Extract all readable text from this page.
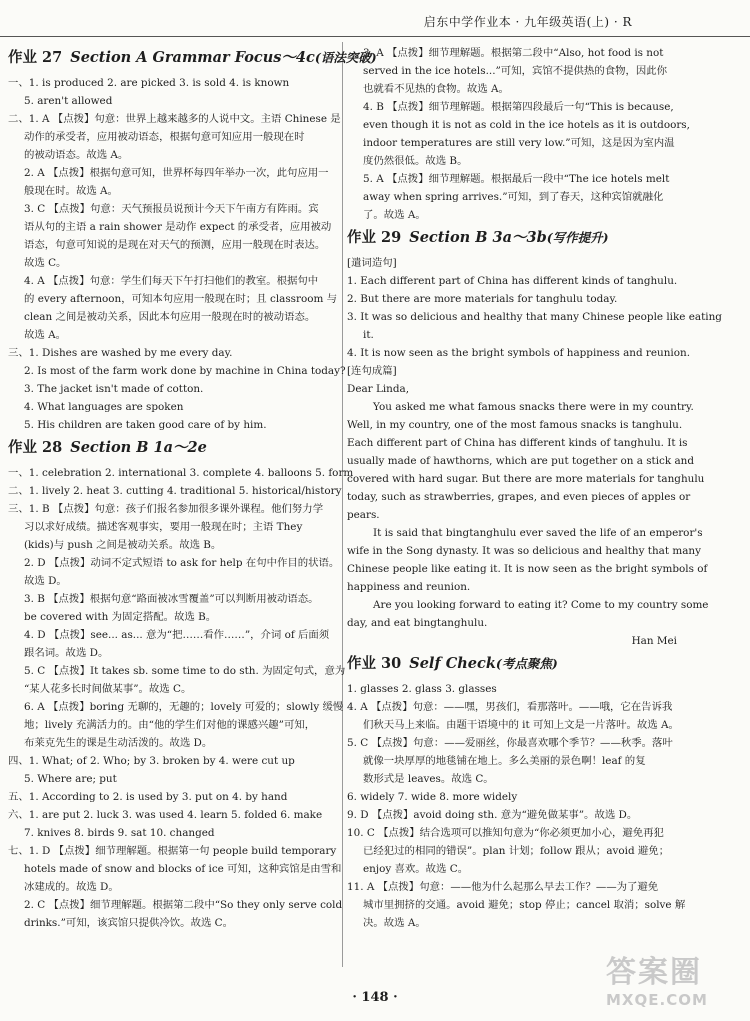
启东中学作业本 · 九年级英语(上) · R
作业 27 Section A Grammar Focus～4c(语法突破)
一、1. is produced 2. are picked 3. is sold 4. is known
5. aren't allowed
二、1. A 【点拨】句意：世界上越来越多的人说中文。主语 Chinese 是
动作的承受者，应用被动语态，根据句意可知应用一般现在时
的被动语态。故选 A。
2. A 【点拨】根据句意可知，世界杯每四年举办一次，此句应用一
般现在时。故选 A。
3. C 【点拨】句意：天气预报员说预计今天下午南方有阵雨。宾
语从句的主语 a rain shower 是动作 expect 的承受者，应用被动
语态，句意可知说的是现在对天气的预测，应用一般现在时表达。
故选 C。
4. A 【点拨】句意：学生们每天下午打扫他们的教室。根据句中
的 every afternoon，可知本句应用一般现在时；且 classroom 与
clean 之间是被动关系，因此本句应用一般现在时的被动语态。
故选 A。
三、1. Dishes are washed by me every day.
2. Is most of the farm work done by machine in China today?
3. The jacket isn't made of cotton.
4. What languages are spoken
5. His children are taken good care of by him.
作业 28 Section B 1a～2e
一、1. celebration 2. international 3. complete 4. balloons 5. form
二、1. lively 2. heat 3. cutting 4. traditional 5. historical/history
三、1. B 【点拨】句意：孩子们报名参加很多课外课程。他们努力学
习以求好成绩。描述客观事实，要用一般现在时；主语 They
(kids)与 push 之间是被动关系。故选 B。
2. D 【点拨】动词不定式短语 to ask for help 在句中作目的状语。
故选 D。
3. B 【点拨】根据句意“路面被冰雪覆盖”可以判断用被动语态。
be covered with 为固定搭配。故选 B。
4. D 【点拨】see... as... 意为“把……看作……”，介词 of 后面须
跟名词。故选 D。
5. C 【点拨】It takes sb. some time to do sth. 为固定句式，意为
“某人花多长时间做某事”。故选 C。
6. A 【点拨】boring 无聊的，无趣的；lovely 可爱的；slowly 缓慢
地；lively 充满活力的。由“他的学生们对他的课感兴趣”可知，
布莱克先生的课是生动活泼的。故选 D。
四、1. What; of 2. Who; by 3. broken by 4. were cut up
5. Where are; put
五、1. According to 2. is used by 3. put on 4. by hand
六、1. are put 2. luck 3. was used 4. learn 5. folded 6. make
7. knives 8. birds 9. sat 10. changed
七、1. D 【点拨】细节理解题。根据第一句 people build temporary
hotels made of snow and blocks of ice 可知，这种宾馆是由雪和
冰建成的。故选 D。
2. C 【点拨】细节理解题。根据第二段中“So they only serve cold
drinks.”可知，该宾馆只提供冷饮。故选 C。
3. A 【点拨】细节理解题。根据第二段中“Also, hot food is not
served in the ice hotels...”可知，宾馆不提供热的食物，因此你
也就看不见热的食物。故选 A。
4. B 【点拨】细节理解题。根据第四段最后一句“This is because,
even though it is not as cold in the ice hotels as it is outdoors,
indoor temperatures are still very low.”可知，这是因为室内温
度仍然很低。故选 B。
5. A 【点拨】细节理解题。根据最后一段中“The ice hotels melt
away when spring arrives.”可知，到了春天，这种宾馆就融化
了。故选 A。
作业 29 Section B 3a～3b(写作提升)
[遣词造句]
1. Each different part of China has different kinds of tanghulu.
2. But there are more materials for tanghulu today.
3. It was so delicious and healthy that many Chinese people like eating
it.
4. It is now seen as the bright symbols of happiness and reunion.
[连句成篇]
Dear Linda,
You asked me what famous snacks there were in my country.
Well, in my country, one of the most famous snacks is tanghulu.
Each different part of China has different kinds of tanghulu. It is
usually made of hawthorns, which are put together on a stick and
covered with hard sugar. But there are more materials for tanghulu
today, such as strawberries, grapes, and even pieces of apples or
pears.
It is said that bingtanghulu ever saved the life of an emperor's
wife in the Song dynasty. It was so delicious and healthy that many
Chinese people like eating it. It is now seen as the bright symbols of
happiness and reunion.
Are you looking forward to eating it? Come to my country some
day, and eat bingtanghulu.
Han Mei
作业 30 Self Check(考点聚焦)
1. glasses 2. glass 3. glasses
4. A 【点拨】句意：——嘿，男孩们，看那落叶。——哦，它在告诉我
们秋天马上来临。由题干语境中的 it 可知上文是一片落叶。故选 A。
5. C 【点拨】句意：——爱丽丝，你最喜欢哪个季节？——秋季。落叶
就像一块厚厚的地毯铺在地上。多么美丽的景色啊！leaf 的复
数形式是 leaves。故选 C。
6. widely 7. wide 8. more widely
9. D 【点拨】avoid doing sth. 意为“避免做某事”。故选 D。
10. C 【点拨】结合选项可以推知句意为“你必须更加小心，避免再犯
已经犯过的相同的错误”。plan 计划；follow 跟从；avoid 避免；
enjoy 喜欢。故选 C。
11. A 【点拨】句意：——他为什么起那么早去工作？——为了避免
城市里拥挤的交通。avoid 避免；stop 停止；cancel 取消；solve 解
决。故选 A。
· 148 ·
答案圈
MXQE.COM
